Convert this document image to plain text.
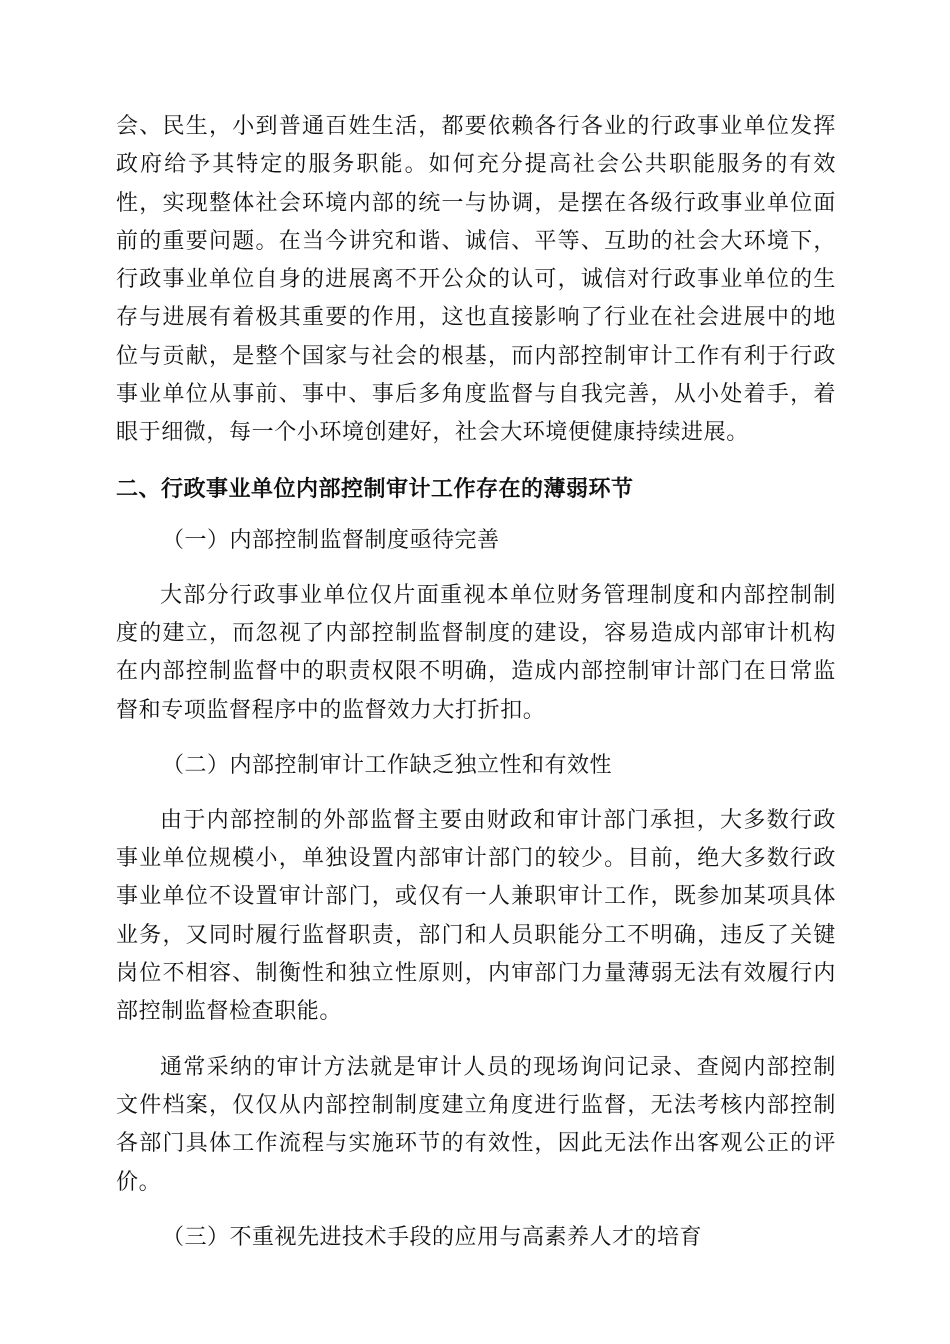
会、民生，小到普通百姓生活，都要依赖各行各业的行政事业单位发挥政府给予其特定的服务职能。如何充分提高社会公共职能服务的有效性，实现整体社会环境内部的统一与协调，是摆在各级行政事业单位面前的重要问题。在当今讲究和谐、诚信、平等、互助的社会大环境下，行政事业单位自身的进展离不开公众的认可，诚信对行政事业单位的生存与进展有着极其重要的作用，这也直接影响了行业在社会进展中的地位与贡献，是整个国家与社会的根基，而内部控制审计工作有利于行政事业单位从事前、事中、事后多角度监督与自我完善，从小处着手，着眼于细微，每一个小环境创建好，社会大环境便健康持续进展。

二、行政事业单位内部控制审计工作存在的薄弱环节

（一）内部控制监督制度亟待完善

大部分行政事业单位仅片面重视本单位财务管理制度和内部控制制度的建立，而忽视了内部控制监督制度的建设，容易造成内部审计机构在内部控制监督中的职责权限不明确，造成内部控制审计部门在日常监督和专项监督程序中的监督效力大打折扣。

（二）内部控制审计工作缺乏独立性和有效性

由于内部控制的外部监督主要由财政和审计部门承担，大多数行政事业单位规模小，单独设置内部审计部门的较少。目前，绝大多数行政事业单位不设置审计部门，或仅有一人兼职审计工作，既参加某项具体业务，又同时履行监督职责，部门和人员职能分工不明确，违反了关键岗位不相容、制衡性和独立性原则，内审部门力量薄弱无法有效履行内部控制监督检查职能。

通常采纳的审计方法就是审计人员的现场询问记录、查阅内部控制文件档案，仅仅从内部控制制度建立角度进行监督，无法考核内部控制各部门具体工作流程与实施环节的有效性，因此无法作出客观公正的评价。

（三）不重视先进技术手段的应用与高素养人才的培育
